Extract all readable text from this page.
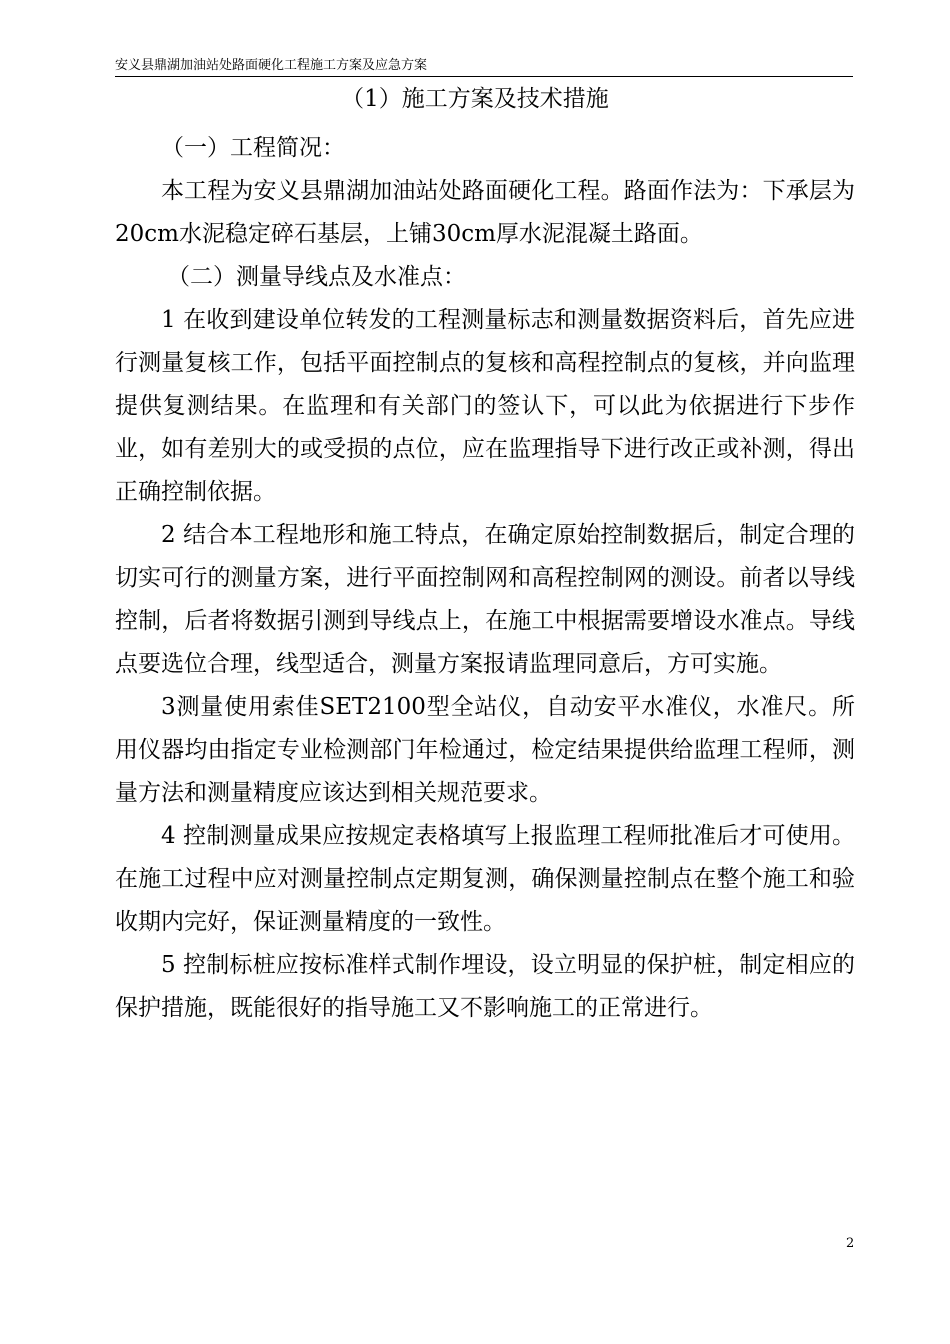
安义县鼎湖加油站处路面硬化工程施工方案及应急方案
（1）施工方案及技术措施

（一）工程简况：

本工程为安义县鼎湖加油站处路面硬化工程。路面作法为：下承层为20cm水泥稳定碎石基层，上铺30cm厚水泥混凝土路面。

（二）测量导线点及水准点：

1 在收到建设单位转发的工程测量标志和测量数据资料后，首先应进行测量复核工作，包括平面控制点的复核和高程控制点的复核，并向监理提供复测结果。在监理和有关部门的签认下，可以此为依据进行下步作业，如有差别大的或受损的点位，应在监理指导下进行改正或补测，得出正确控制依据。

2 结合本工程地形和施工特点，在确定原始控制数据后，制定合理的切实可行的测量方案，进行平面控制网和高程控制网的测设。前者以导线控制，后者将数据引测到导线点上，在施工中根据需要增设水准点。导线点要选位合理，线型适合，测量方案报请监理同意后，方可实施。

3测量使用索佳SET2100型全站仪，自动安平水准仪，水准尺。所用仪器均由指定专业检测部门年检通过，检定结果提供给监理工程师，测量方法和测量精度应该达到相关规范要求。

4 控制测量成果应按规定表格填写上报监理工程师批准后才可使用。在施工过程中应对测量控制点定期复测，确保测量控制点在整个施工和验收期内完好，保证测量精度的一致性。

5 控制标桩应按标准样式制作埋设，设立明显的保护桩，制定相应的保护措施，既能很好的指导施工又不影响施工的正常进行。

2
